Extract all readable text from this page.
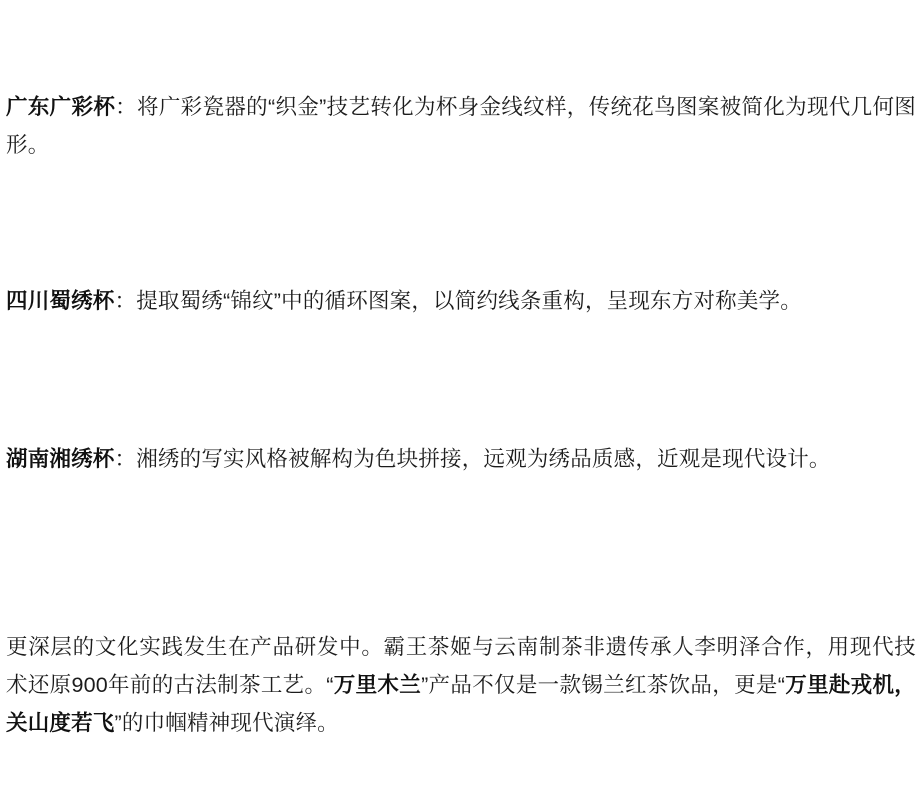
广东广彩杯：将广彩瓷器的“织金”技艺转化为杯身金线纹样，传统花鸟图案被简化为现代几何图形。

四川蜀绣杯：提取蜀绣“锦纹”中的循环图案，以简约线条重构，呈现东方对称美学。

湖南湘绣杯：湘绣的写实风格被解构为色块拼接，远观为绣品质感，近观是现代设计。

更深层的文化实践发生在产品研发中。霸王茶姬与云南制茶非遗传承人李明泽合作，用现代技术还原900年前的古法制茶工艺。“万里木兰”产品不仅是一款锡兰红茶饮品，更是“万里赴戎机，关山度若飞”的巾帼精神现代演绎。
